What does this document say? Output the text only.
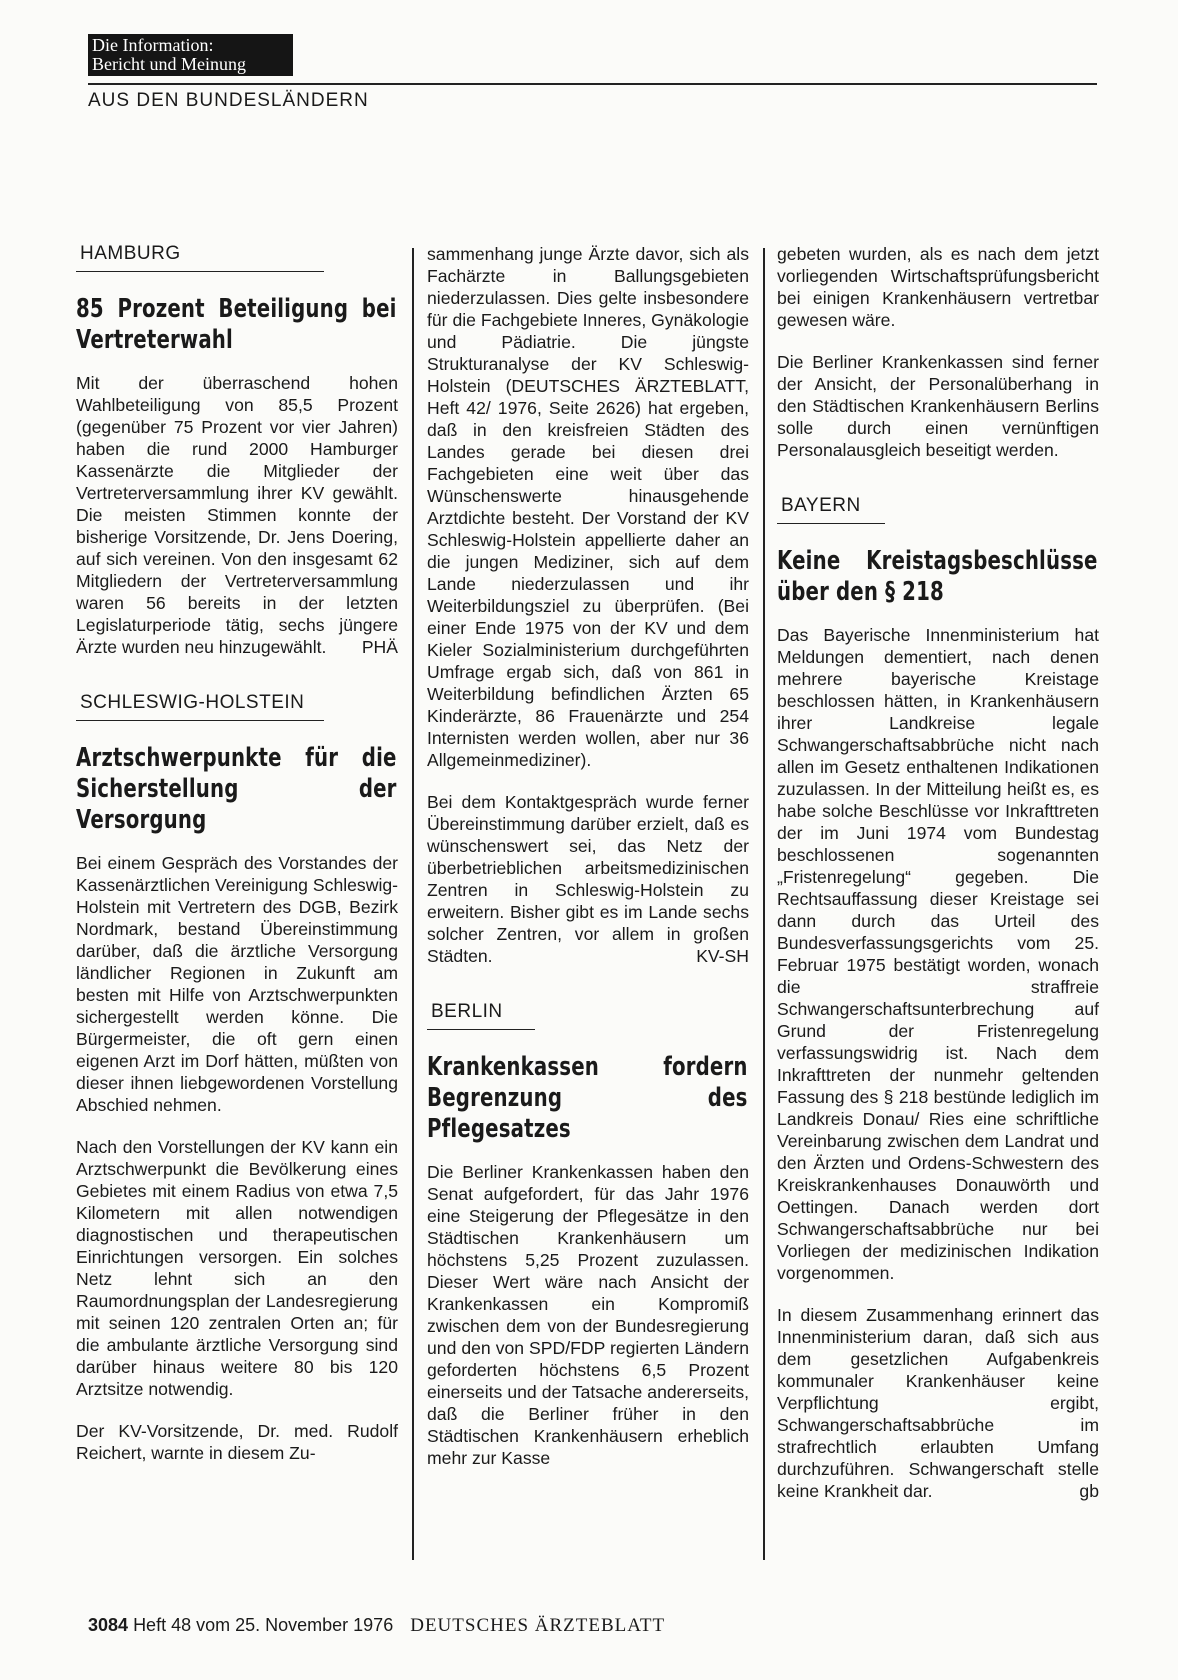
Die Information:
Bericht und Meinung
AUS DEN BUNDESLÄNDERN
HAMBURG
85 Prozent Beteiligung bei Vertreterwahl

Mit der überraschend hohen Wahlbeteiligung von 85,5 Prozent (gegenüber 75 Prozent vor vier Jahren) haben die rund 2000 Hamburger Kassenärzte die Mitglieder der Vertreterversammlung ihrer KV gewählt. Die meisten Stimmen konnte der bisherige Vorsitzende, Dr. Jens Doering, auf sich vereinen. Von den insgesamt 62 Mitgliedern der Vertreterversammlung waren 56 bereits in der letzten Legislaturperiode tätig, sechs jüngere Ärzte wurden neu hinzugewählt. PHÄ

SCHLESWIG-HOLSTEIN
Arztschwerpunkte für die Sicherstellung der Versorgung

Bei einem Gespräch des Vorstandes der Kassenärztlichen Vereinigung Schleswig-Holstein mit Vertretern des DGB, Bezirk Nordmark, bestand Übereinstimmung darüber, daß die ärztliche Versorgung ländlicher Regionen in Zukunft am besten mit Hilfe von Arztschwerpunkten sichergestellt werden könne. Die Bürgermeister, die oft gern einen eigenen Arzt im Dorf hätten, müßten von dieser ihnen liebgewordenen Vorstellung Abschied nehmen.

Nach den Vorstellungen der KV kann ein Arztschwerpunkt die Bevölkerung eines Gebietes mit einem Radius von etwa 7,5 Kilometern mit allen notwendigen diagnostischen und therapeutischen Einrichtungen versorgen. Ein solches Netz lehnt sich an den Raumordnungsplan der Landesregierung mit seinen 120 zentralen Orten an; für die ambulante ärztliche Versorgung sind darüber hinaus weitere 80 bis 120 Arztsitze notwendig.

Der KV-Vorsitzende, Dr. med. Rudolf Reichert, warnte in diesem Zu-

sammenhang junge Ärzte davor, sich als Fachärzte in Ballungsgebieten niederzulassen. Dies gelte insbesondere für die Fachgebiete Inneres, Gynäkologie und Pädiatrie. Die jüngste Strukturanalyse der KV Schleswig-Holstein (DEUTSCHES ÄRZTEBLATT, Heft 42/ 1976, Seite 2626) hat ergeben, daß in den kreisfreien Städten des Landes gerade bei diesen drei Fachgebieten eine weit über das Wünschenswerte hinausgehende Arztdichte besteht. Der Vorstand der KV Schleswig-Holstein appellierte daher an die jungen Mediziner, sich auf dem Lande niederzulassen und ihr Weiterbildungsziel zu überprüfen. (Bei einer Ende 1975 von der KV und dem Kieler Sozialministerium durchgeführten Umfrage ergab sich, daß von 861 in Weiterbildung befindlichen Ärzten 65 Kinderärzte, 86 Frauenärzte und 254 Internisten werden wollen, aber nur 36 Allgemeinmediziner).

Bei dem Kontaktgespräch wurde ferner Übereinstimmung darüber erzielt, daß es wünschenswert sei, das Netz der überbetrieblichen arbeitsmedizinischen Zentren in Schleswig-Holstein zu erweitern. Bisher gibt es im Lande sechs solcher Zentren, vor allem in großen Städten.	KV-SH

BERLIN
Krankenkassen fordern Begrenzung des Pflegesatzes

Die Berliner Krankenkassen haben den Senat aufgefordert, für das Jahr 1976 eine Steigerung der Pflegesätze in den Städtischen Krankenhäusern um höchstens 5,25 Prozent zuzulassen. Dieser Wert wäre nach Ansicht der Krankenkassen ein Kompromiß zwischen dem von der Bundesregierung und den von SPD/FDP regierten Ländern geforderten höchstens 6,5 Prozent einerseits und der Tatsache andererseits, daß die Berliner früher in den Städtischen Krankenhäusern erheblich mehr zur Kasse

gebeten wurden, als es nach dem jetzt vorliegenden Wirtschaftsprüfungsbericht bei einigen Krankenhäusern vertretbar gewesen wäre.

Die Berliner Krankenkassen sind ferner der Ansicht, der Personalüberhang in den Städtischen Krankenhäusern Berlins solle durch einen vernünftigen Personalausgleich beseitigt werden.

BAYERN
Keine Kreistagsbeschlüsse über den § 218

Das Bayerische Innenministerium hat Meldungen dementiert, nach denen mehrere bayerische Kreistage beschlossen hätten, in Krankenhäusern ihrer Landkreise legale Schwangerschaftsabbrüche nicht nach allen im Gesetz enthaltenen Indikationen zuzulassen. In der Mitteilung heißt es, es habe solche Beschlüsse vor Inkrafttreten der im Juni 1974 vom Bundestag beschlossenen sogenannten „Fristenregelung“ gegeben. Die Rechtsauffassung dieser Kreistage sei dann durch das Urteil des Bundesverfassungsgerichts vom 25. Februar 1975 bestätigt worden, wonach die straffreie Schwangerschaftsunterbrechung auf Grund der Fristenregelung verfassungswidrig ist. Nach dem Inkrafttreten der nunmehr geltenden Fassung des § 218 bestünde lediglich im Landkreis Donau/ Ries eine schriftliche Vereinbarung zwischen dem Landrat und den Ärzten und Ordens-Schwestern des Kreiskrankenhauses Donauwörth und Oettingen. Danach werden dort Schwangerschaftsabbrüche nur bei Vorliegen der medizinischen Indikation vorgenommen.

In diesem Zusammenhang erinnert das Innenministerium daran, daß sich aus dem gesetzlichen Aufgabenkreis kommunaler Krankenhäuser keine Verpflichtung ergibt, Schwangerschaftsabbrüche im strafrechtlich erlaubten Umfang durchzuführen. Schwangerschaft stelle keine Krankheit dar.	gb

3084 Heft 48 vom 25. November 1976 DEUTSCHES ÄRZTEBLATT
